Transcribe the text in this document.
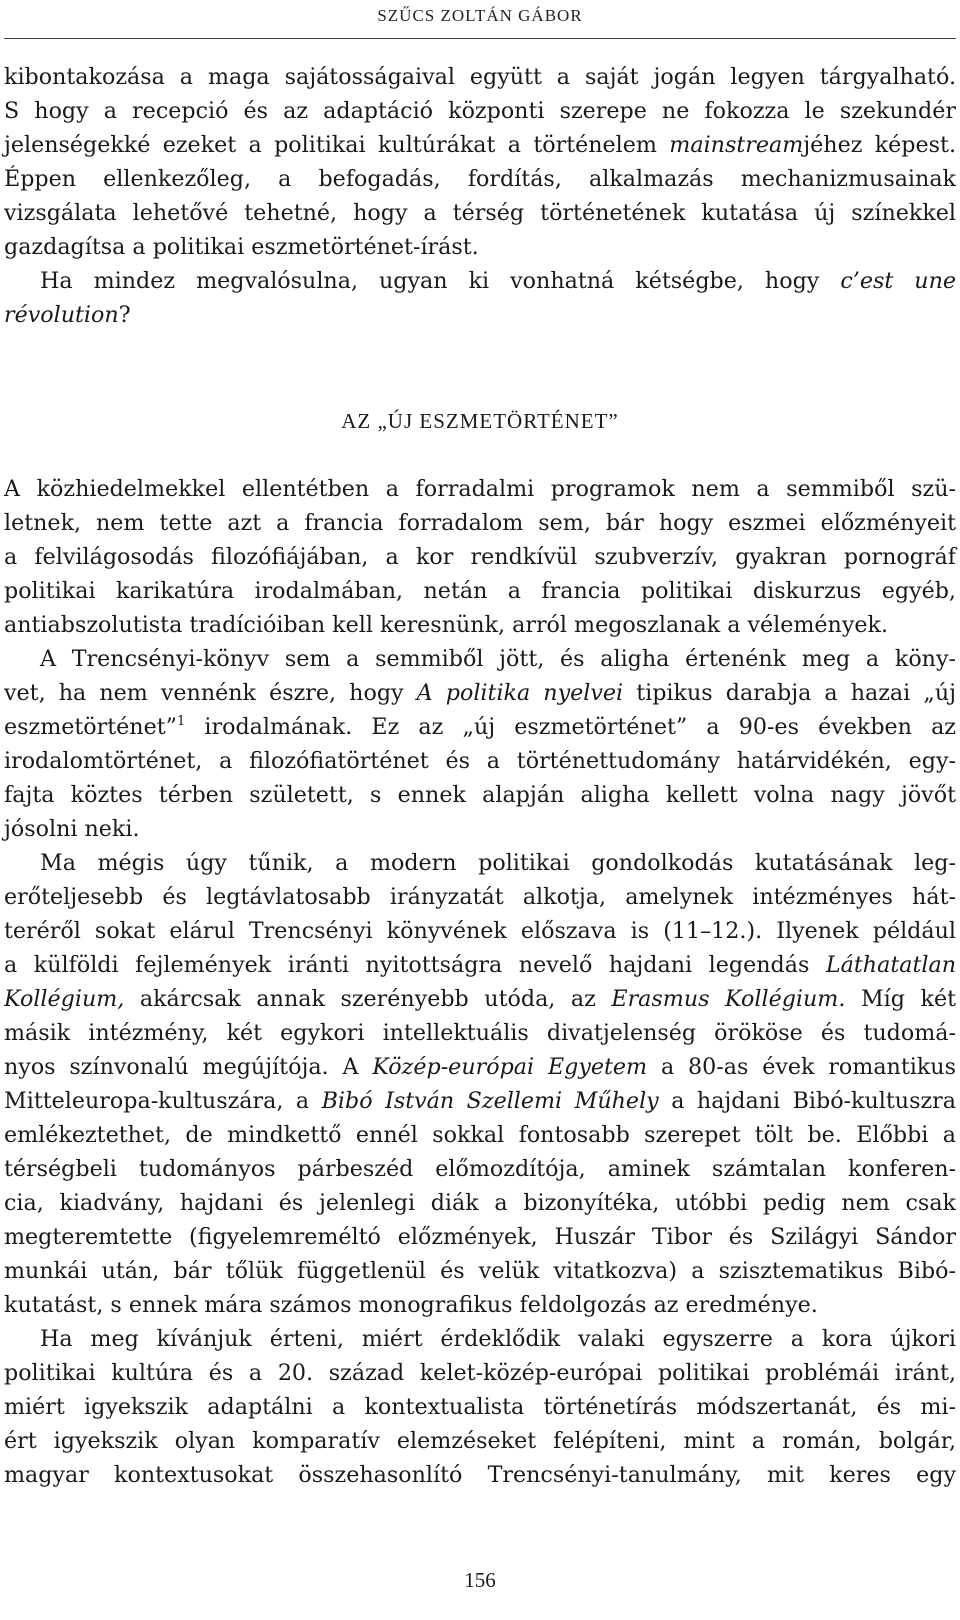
SZŰCS ZOLTÁN GÁBOR
kibontakozása a maga sajátosságaival együtt a saját jogán legyen tárgyalható.
S hogy a recepció és az adaptáció központi szerepe ne fokozza le szekundér
jelenségekké ezeket a politikai kultúrákat a történelem mainstreamjéhez képest.
Éppen ellenkezőleg, a befogadás, fordítás, alkalmazás mechanizmusainak
vizsgálata lehetővé tehetné, hogy a térség történetének kutatása új színekkel
gazdagítsa a politikai eszmetörténet-írást.
Ha mindez megvalósulna, ugyan ki vonhatná kétségbe, hogy c’est une
révolution?
AZ „ÚJ ESZMETÖRTÉNET”
A közhiedelmekkel ellentétben a forradalmi programok nem a semmiből szü-
letnek, nem tette azt a francia forradalom sem, bár hogy eszmei előzményeit
a felvilágosodás filozófiájában, a kor rendkívül szubverzív, gyakran pornográf
politikai karikatúra irodalmában, netán a francia politikai diskurzus egyéb,
antiabszolutista tradícióiban kell keresnünk, arról megoszlanak a vélemények.
A Trencsényi-könyv sem a semmiből jött, és aligha értenénk meg a köny-
vet, ha nem vennénk észre, hogy A politika nyelvei tipikus darabja a hazai „új
eszmetörténet”$^1$ irodalmának. Ez az „új eszmetörténet” a 90-es években az
irodalomtörténet, a filozófiatörténet és a történettudomány határvidékén, egy-
fajta köztes térben született, s ennek alapján aligha kellett volna nagy jövőt
jósolni neki.
Ma mégis úgy tűnik, a modern politikai gondolkodás kutatásának leg-
erőteljesebb és legtávlatosabb irányzatát alkotja, amelynek intézményes hát-
teréről sokat elárul Trencsényi könyvének előszava is (11–12.). Ilyenek például
a külföldi fejlemények iránti nyitottságra nevelő hajdani legendás Láthatatlan
Kollégium, akárcsak annak szerényebb utóda, az Erasmus Kollégium. Míg két
másik intézmény, két egykori intellektuális divatjelenség örököse és tudomá-
nyos színvonalú megújítója. A Közép-európai Egyetem a 80-as évek romantikus
Mitteleuropa-kultuszára, a Bibó István Szellemi Műhely a hajdani Bibó-kultuszra
emlékeztethet, de mindkettő ennél sokkal fontosabb szerepet tölt be. Előbbi a
térségbeli tudományos párbeszéd előmozdítója, aminek számtalan konferen-
cia, kiadvány, hajdani és jelenlegi diák a bizonyítéka, utóbbi pedig nem csak
megteremtette (figyelemreméltó előzmények, Huszár Tibor és Szilágyi Sándor
munkái után, bár tőlük függetlenül és velük vitatkozva) a szisztematikus Bibó-
kutatást, s ennek mára számos monografikus feldolgozás az eredménye.
Ha meg kívánjuk érteni, miért érdeklődik valaki egyszerre a kora újkori
politikai kultúra és a 20. század kelet-közép-európai politikai problémái iránt,
miért igyekszik adaptálni a kontextualista történetírás módszertanát, és mi-
ért igyekszik olyan komparatív elemzéseket felépíteni, mint a román, bolgár,
magyar kontextusokat összehasonlító Trencsényi-tanulmány, mit keres egy
156
